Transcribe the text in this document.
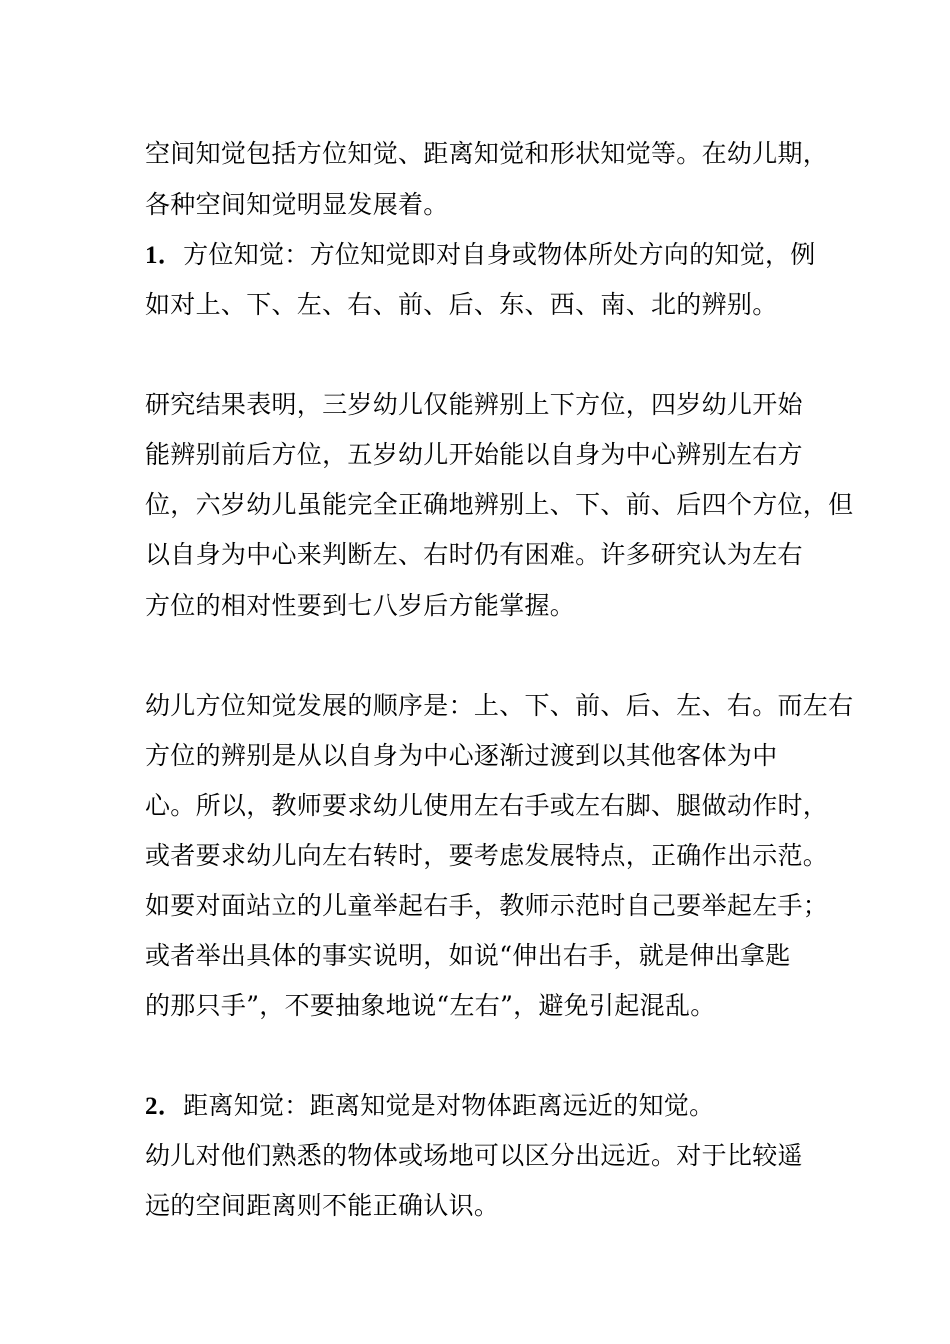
空间知觉包括方位知觉、距离知觉和形状知觉等。在幼儿期，
各种空间知觉明显发展着。
1．方位知觉：方位知觉即对自身或物体所处方向的知觉，例
如对上、下、左、右、前、后、东、西、南、北的辨别。
研究结果表明，三岁幼儿仅能辨别上下方位，四岁幼儿开始
能辨别前后方位，五岁幼儿开始能以自身为中心辨别左右方
位，六岁幼儿虽能完全正确地辨别上、下、前、后四个方位，但
以自身为中心来判断左、右时仍有困难。许多研究认为左右
方位的相对性要到七八岁后方能掌握。
幼儿方位知觉发展的顺序是：上、下、前、后、左、右。而左右
方位的辨别是从以自身为中心逐渐过渡到以其他客体为中
心。所以，教师要求幼儿使用左右手或左右脚、腿做动作时，
或者要求幼儿向左右转时，要考虑发展特点，正确作出示范。
如要对面站立的儿童举起右手，教师示范时自己要举起左手；
或者举出具体的事实说明，如说“伸出右手，就是伸出拿匙
的那只手”，不要抽象地说“左右”，避免引起混乱。
2．距离知觉：距离知觉是对物体距离远近的知觉。
幼儿对他们熟悉的物体或场地可以区分出远近。对于比较遥
远的空间距离则不能正确认识。
